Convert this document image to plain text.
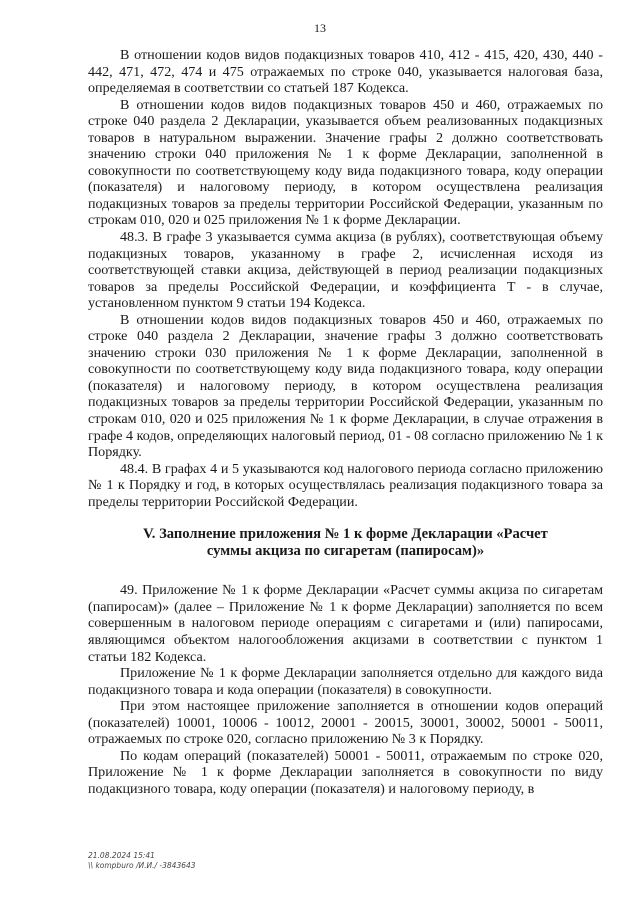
13

В отношении кодов видов подакцизных товаров 410, 412 - 415, 420, 430, 440 - 442, 471, 472, 474 и 475 отражаемых по строке 040, указывается налоговая база, определяемая в соответствии со статьей 187 Кодекса.

В отношении кодов видов подакцизных товаров 450 и 460, отражаемых по строке 040 раздела 2 Декларации, указывается объем реализованных подакцизных товаров в натуральном выражении. Значение графы 2 должно соответствовать значению строки 040 приложения № 1 к форме Декларации, заполненной в совокупности по соответствующему коду вида подакцизного товара, коду операции (показателя) и налоговому периоду, в котором осуществлена реализация подакцизных товаров за пределы территории Российской Федерации, указанным по строкам 010, 020 и 025 приложения № 1 к форме Декларации.

48.3. В графе 3 указывается сумма акциза (в рублях), соответствующая объему подакцизных товаров, указанному в графе 2, исчисленная исходя из соответствующей ставки акциза, действующей в период реализации подакцизных товаров за пределы Российской Федерации, и коэффициента Т - в случае, установленном пунктом 9 статьи 194 Кодекса.

В отношении кодов видов подакцизных товаров 450 и 460, отражаемых по строке 040 раздела 2 Декларации, значение графы 3 должно соответствовать значению строки 030 приложения № 1 к форме Декларации, заполненной в совокупности по соответствующему коду вида подакцизного товара, коду операции (показателя) и налоговому периоду, в котором осуществлена реализация подакцизных товаров за пределы территории Российской Федерации, указанным по строкам 010, 020 и 025 приложения № 1 к форме Декларации, в случае отражения в графе 4 кодов, определяющих налоговый период, 01 - 08 согласно приложению № 1 к Порядку.

48.4. В графах 4 и 5 указываются код налогового периода согласно приложению № 1 к Порядку и год, в которых осуществлялась реализация подакцизного товара за пределы территории Российской Федерации.

V. Заполнение приложения № 1 к форме Декларации «Расчет
суммы акциза по сигаретам (папиросам)»

49. Приложение № 1 к форме Декларации «Расчет суммы акциза по сигаретам (папиросам)» (далее – Приложение № 1 к форме Декларации) заполняется по всем совершенным в налоговом периоде операциям с сигаретами и (или) папиросами, являющимся объектом налогообложения акцизами в соответствии с пунктом 1 статьи 182 Кодекса.

Приложение № 1 к форме Декларации заполняется отдельно для каждого вида подакцизного товара и кода операции (показателя) в совокупности.

При этом настоящее приложение заполняется в отношении кодов операций (показателей) 10001, 10006 - 10012, 20001 - 20015, 30001, 30002, 50001 - 50011, отражаемых по строке 020, согласно приложению № 3 к Порядку.

По кодам операций (показателей) 50001 - 50011, отражаемым по строке 020, Приложение № 1 к форме Декларации заполняется в совокупности по виду подакцизного товара, коду операции (показателя) и налоговому периоду, в

21.08.2024 15:41
\\ kompburo /И.И./ -3843643
